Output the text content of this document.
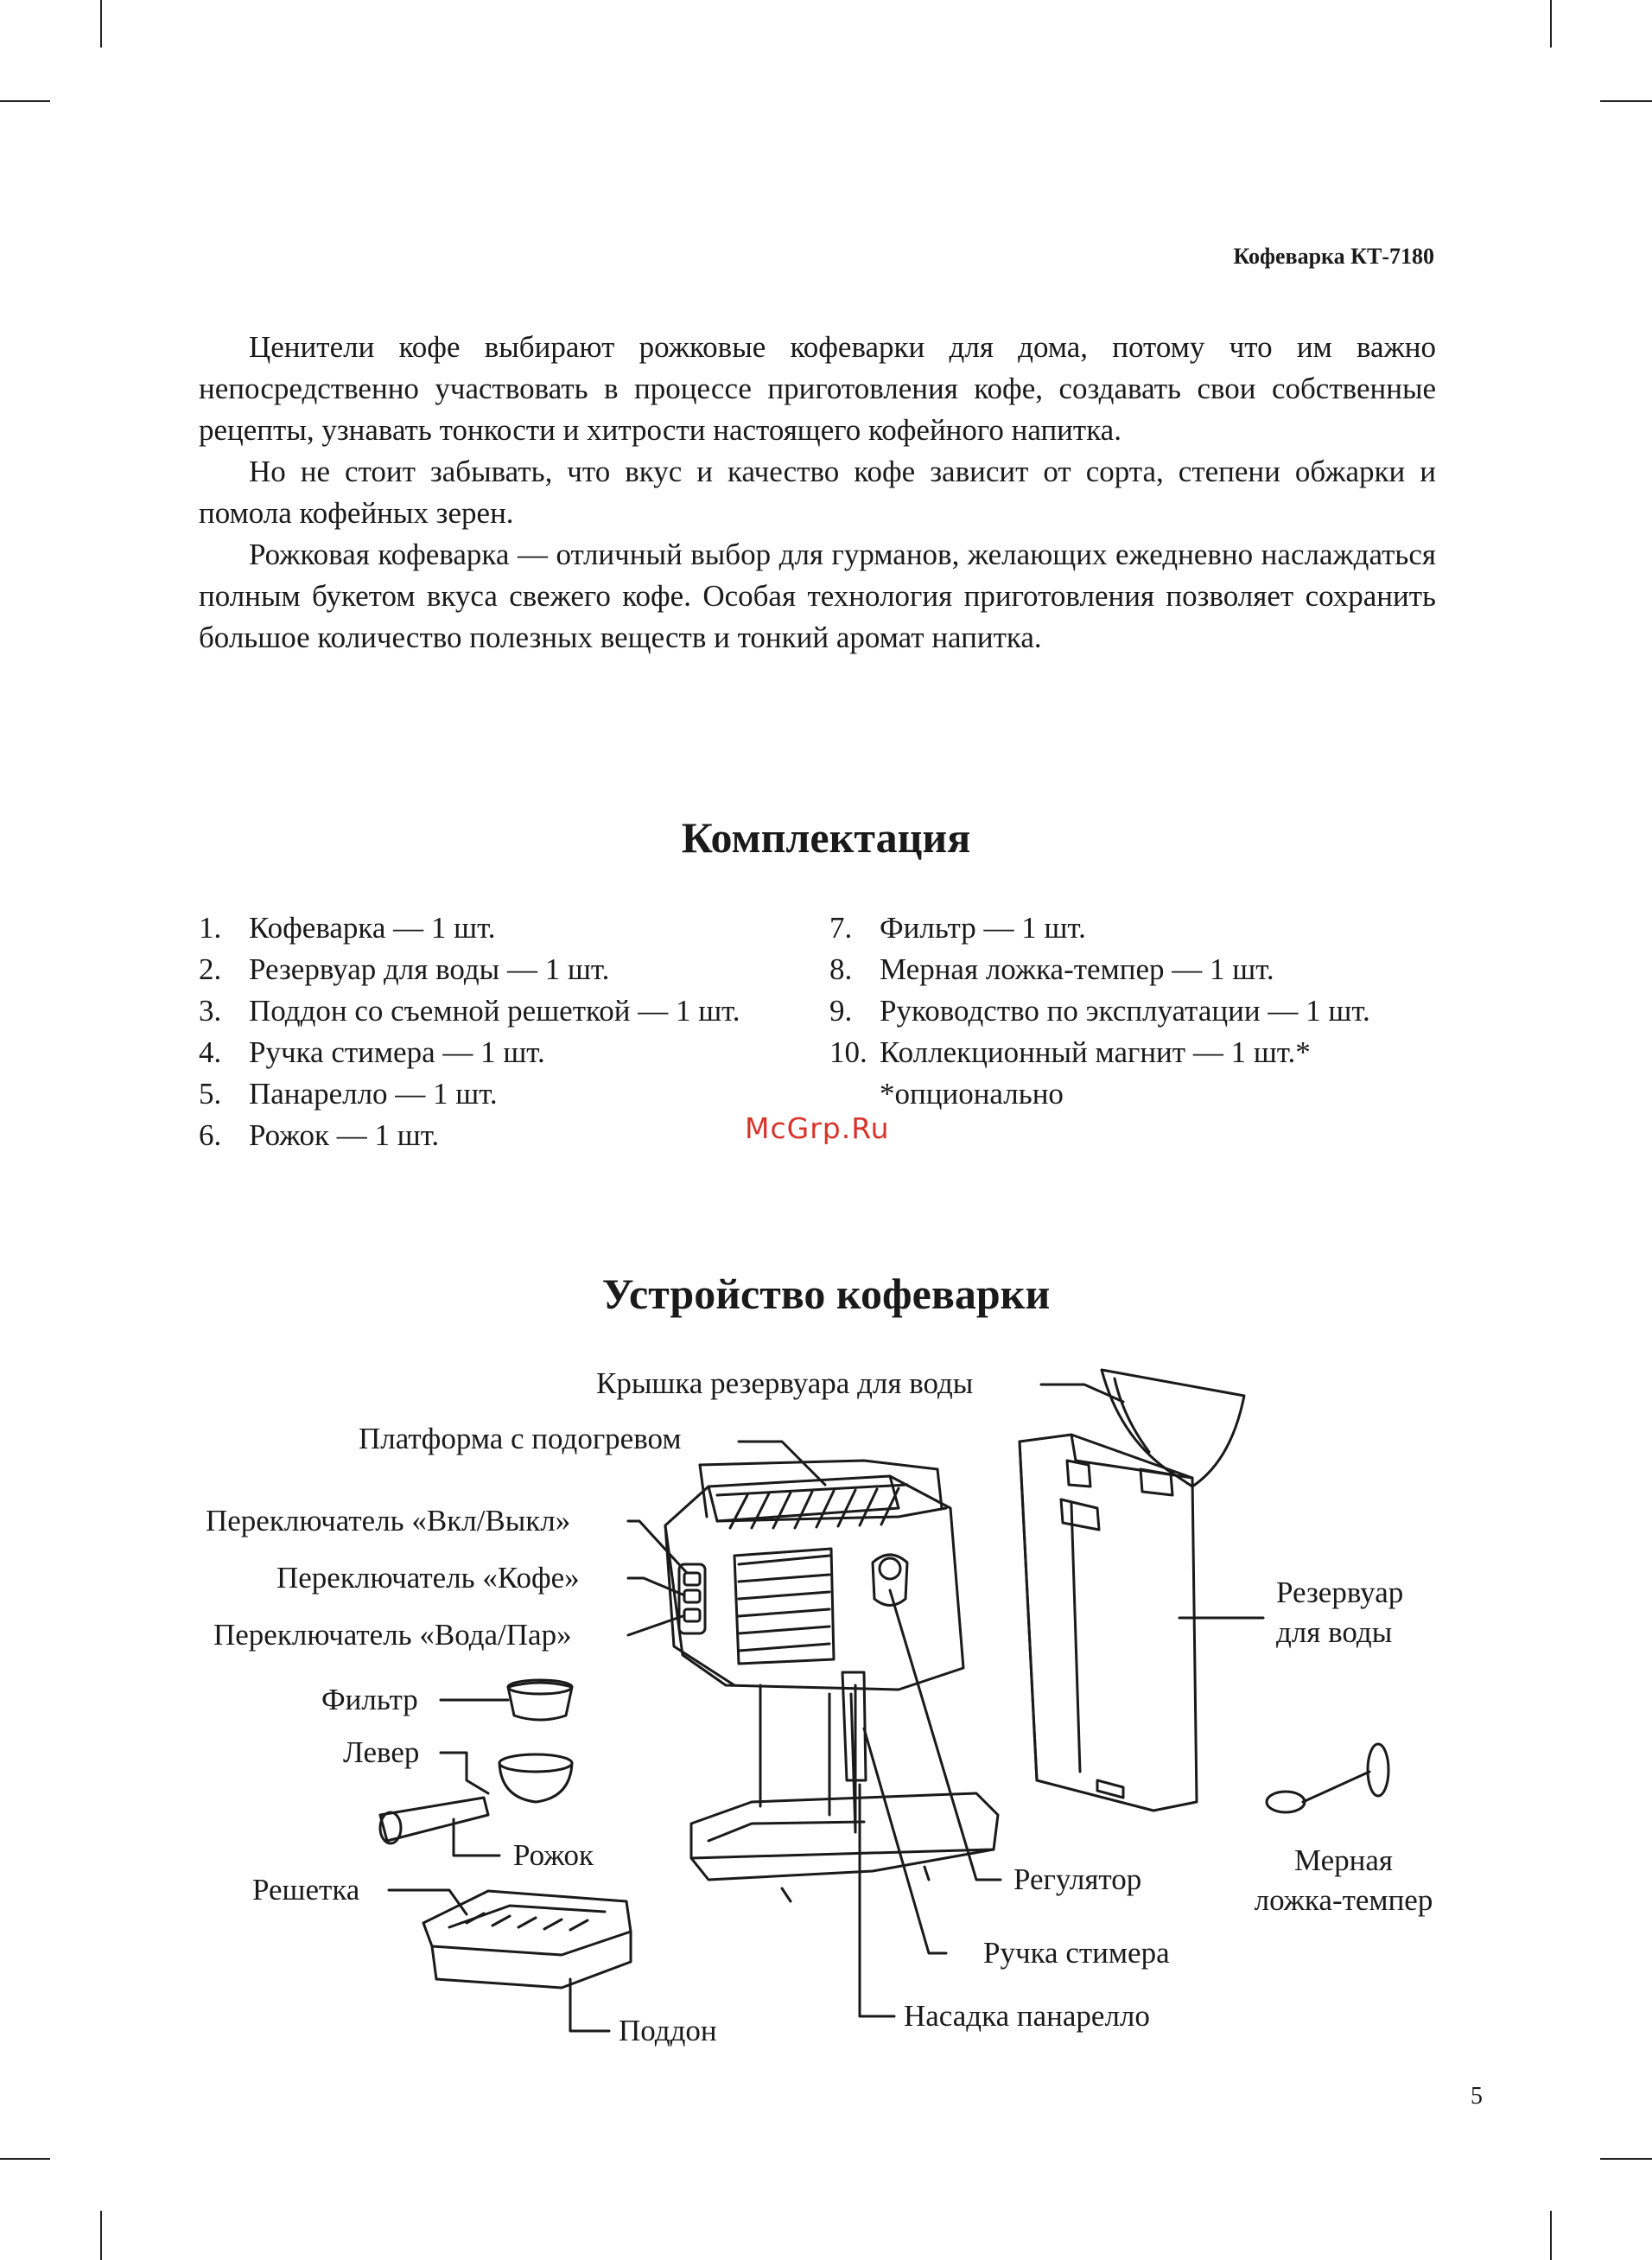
Кофеварка КТ-7180

Ценители кофе выбирают рожковые кофеварки для дома, потому что им важно непосредственно участвовать в процессе приготовления кофе, создавать свои собственные рецепты, узнавать тонкости и хитрости настоящего кофейного напитка.

Но не стоит забывать, что вкус и качество кофе зависит от сорта, степени обжарки и помола кофейных зерен.

Рожковая кофеварка — отличный выбор для гурманов, желающих ежедневно наслаждаться полным букетом вкуса свежего кофе. Особая технология приготовления позволяет сохранить большое количество полезных веществ и тонкий аромат напитка.

Комплектация
1. Кофеварка — 1 шт.
2. Резервуар для воды — 1 шт.
3. Поддон со съемной решеткой — 1 шт.
4. Ручка стимера — 1 шт.
5. Панарелло — 1 шт.
6. Рожок — 1 шт.
7. Фильтр — 1 шт.
8. Мерная ложка-темпер — 1 шт.
9. Руководство по эксплуатации — 1 шт.
10. Коллекционный магнит — 1 шт.*
*опционально
McGrp.Ru
Устройство кофеварки
Крышка резервуара для воды
Платформа с подогревом
Переключатель «Вкл/Выкл»
Переключатель «Кофе»
Переключатель «Вода/Пар»
Фильтр
Левер
Рожок
Решетка
Поддон
Резервуар
для воды
Регулятор
Ручка стимера
Насадка панарелло
Мерная
ложка-темпер
5
